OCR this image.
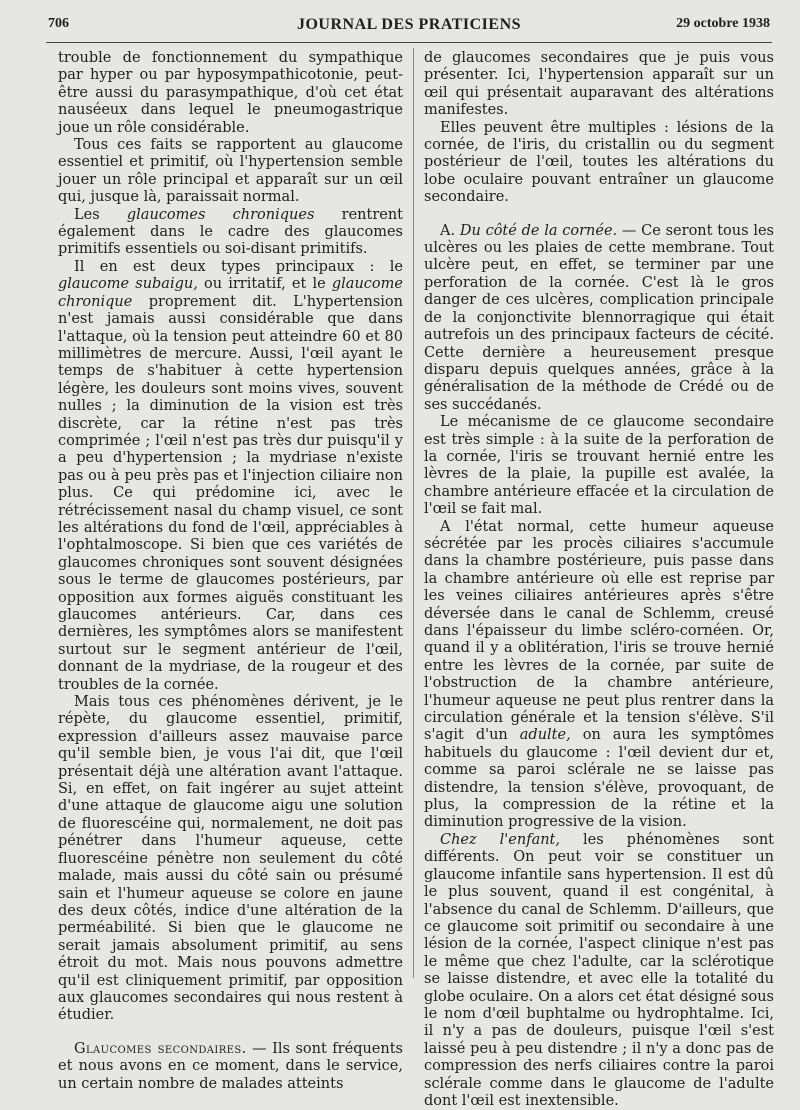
706	JOURNAL DES PRATICIENS	29 octobre 1938

trouble de fonctionnement du sympathique par hyper ou par hyposympathicotonie, peut-être aussi du parasympathique, d'où cet état nauséeux dans lequel le pneumogastrique joue un rôle considérable.

Tous ces faits se rapportent au glaucome essentiel et primitif, où l'hypertension semble jouer un rôle principal et apparaît sur un œil qui, jusque là, paraissait normal.

Les glaucomes chroniques rentrent également dans le cadre des glaucomes primitifs essentiels ou soi-disant primitifs.

Il en est deux types principaux : le glaucome subaigu, ou irritatif, et le glaucome chronique proprement dit. L'hypertension n'est jamais aussi considérable que dans l'attaque, où la tension peut atteindre 60 et 80 millimètres de mercure. Aussi, l'œil ayant le temps de s'habituer à cette hypertension légère, les douleurs sont moins vives, souvent nulles ; la diminution de la vision est très discrète, car la rétine n'est pas très comprimée ; l'œil n'est pas très dur puisqu'il y a peu d'hypertension ; la mydriase n'existe pas ou à peu près pas et l'injection ciliaire non plus. Ce qui prédomine ici, avec le rétrécissement nasal du champ visuel, ce sont les altérations du fond de l'œil, appréciables à l'ophtalmoscope. Si bien que ces variétés de glaucomes chroniques sont souvent désignées sous le terme de glaucomes postérieurs, par opposition aux formes aiguës constituant les glaucomes antérieurs. Car, dans ces dernières, les symptômes alors se manifestent surtout sur le segment antérieur de l'œil, donnant de la mydriase, de la rougeur et des troubles de la cornée.

Mais tous ces phénomènes dérivent, je le répète, du glaucome essentiel, primitif, expression d'ailleurs assez mauvaise parce qu'il semble bien, je vous l'ai dit, que l'œil présentait déjà une altération avant l'attaque. Si, en effet, on fait ingérer au sujet atteint d'une attaque de glaucome aigu une solution de fluorescéine qui, normalement, ne doit pas pénétrer dans l'humeur aqueuse, cette fluorescéine pénètre non seulement du côté malade, mais aussi du côté sain ou présumé sain et l'humeur aqueuse se colore en jaune des deux côtés, indice d'une altération de la perméabilité. Si bien que le glaucome ne serait jamais absolument primitif, au sens étroit du mot. Mais nous pouvons admettre qu'il est cliniquement primitif, par opposition aux glaucomes secondaires qui nous restent à étudier.

Glaucomes secondaires. — Ils sont fréquents et nous avons en ce moment, dans le service, un certain nombre de malades atteints

de glaucomes secondaires que je puis vous présenter. Ici, l'hypertension apparaît sur un œil qui présentait auparavant des altérations manifestes.

Elles peuvent être multiples : lésions de la cornée, de l'iris, du cristallin ou du segment postérieur de l'œil, toutes les altérations du lobe oculaire pouvant entraîner un glaucome secondaire.

A. Du côté de la cornée. — Ce seront tous les ulcères ou les plaies de cette membrane. Tout ulcère peut, en effet, se terminer par une perforation de la cornée. C'est là le gros danger de ces ulcères, complication principale de la conjonctivite blennorragique qui était autrefois un des principaux facteurs de cécité. Cette dernière a heureusement presque disparu depuis quelques années, grâce à la généralisation de la méthode de Crédé ou de ses succédanés.

Le mécanisme de ce glaucome secondaire est très simple : à la suite de la perforation de la cornée, l'iris se trouvant hernié entre les lèvres de la plaie, la pupille est avalée, la chambre antérieure effacée et la circulation de l'œil se fait mal.

A l'état normal, cette humeur aqueuse sécrétée par les procès ciliaires s'accumule dans la chambre postérieure, puis passe dans la chambre antérieure où elle est reprise par les veines ciliaires antérieures après s'être déversée dans le canal de Schlemm, creusé dans l'épaisseur du limbe scléro-cornéen. Or, quand il y a oblitération, l'iris se trouve hernié entre les lèvres de la cornée, par suite de l'obstruction de la chambre antérieure, l'humeur aqueuse ne peut plus rentrer dans la circulation générale et la tension s'élève. S'il s'agit d'un adulte, on aura les symptômes habituels du glaucome : l'œil devient dur et, comme sa paroi sclérale ne se laisse pas distendre, la tension s'élève, provoquant, de plus, la compression de la rétine et la diminution progressive de la vision.

Chez l'enfant, les phénomènes sont différents. On peut voir se constituer un glaucome infantile sans hypertension. Il est dû le plus souvent, quand il est congénital, à l'absence du canal de Schlemm. D'ailleurs, que ce glaucome soit primitif ou secondaire à une lésion de la cornée, l'aspect clinique n'est pas le même que chez l'adulte, car la sclérotique se laisse distendre, et avec elle la totalité du globe oculaire. On a alors cet état désigné sous le nom d'œil buphtalme ou hydrophtalme. Ici, il n'y a pas de douleurs, puisque l'œil s'est laissé peu à peu distendre ; il n'y a donc pas de compression des nerfs ciliaires contre la paroi sclérale comme dans le glaucome de l'adulte dont l'œil est inextensible.
